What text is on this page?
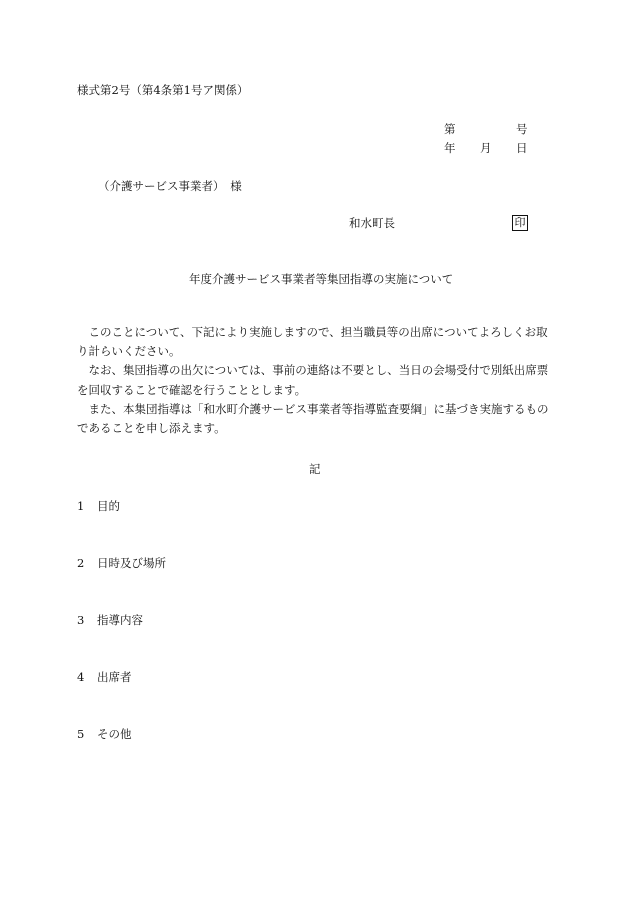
様式第2号（第4条第1号ア関係）
第	号
年 月 日
（介護サービス事業者）　様
和水町長	印
年度介護サービス事業者等集団指導の実施について

このことについて、下記により実施しますので、担当職員等の出席についてよろしくお取り計らいください。

なお、集団指導の出欠については、事前の連絡は不要とし、当日の会場受付で別紙出席票を回収することで確認を行うこととします。

また、本集団指導は「和水町介護サービス事業者等指導監査要綱」に基づき実施するものであることを申し添えます。

記
1 目的
2 日時及び場所
3 指導内容
4 出席者
5 その他
